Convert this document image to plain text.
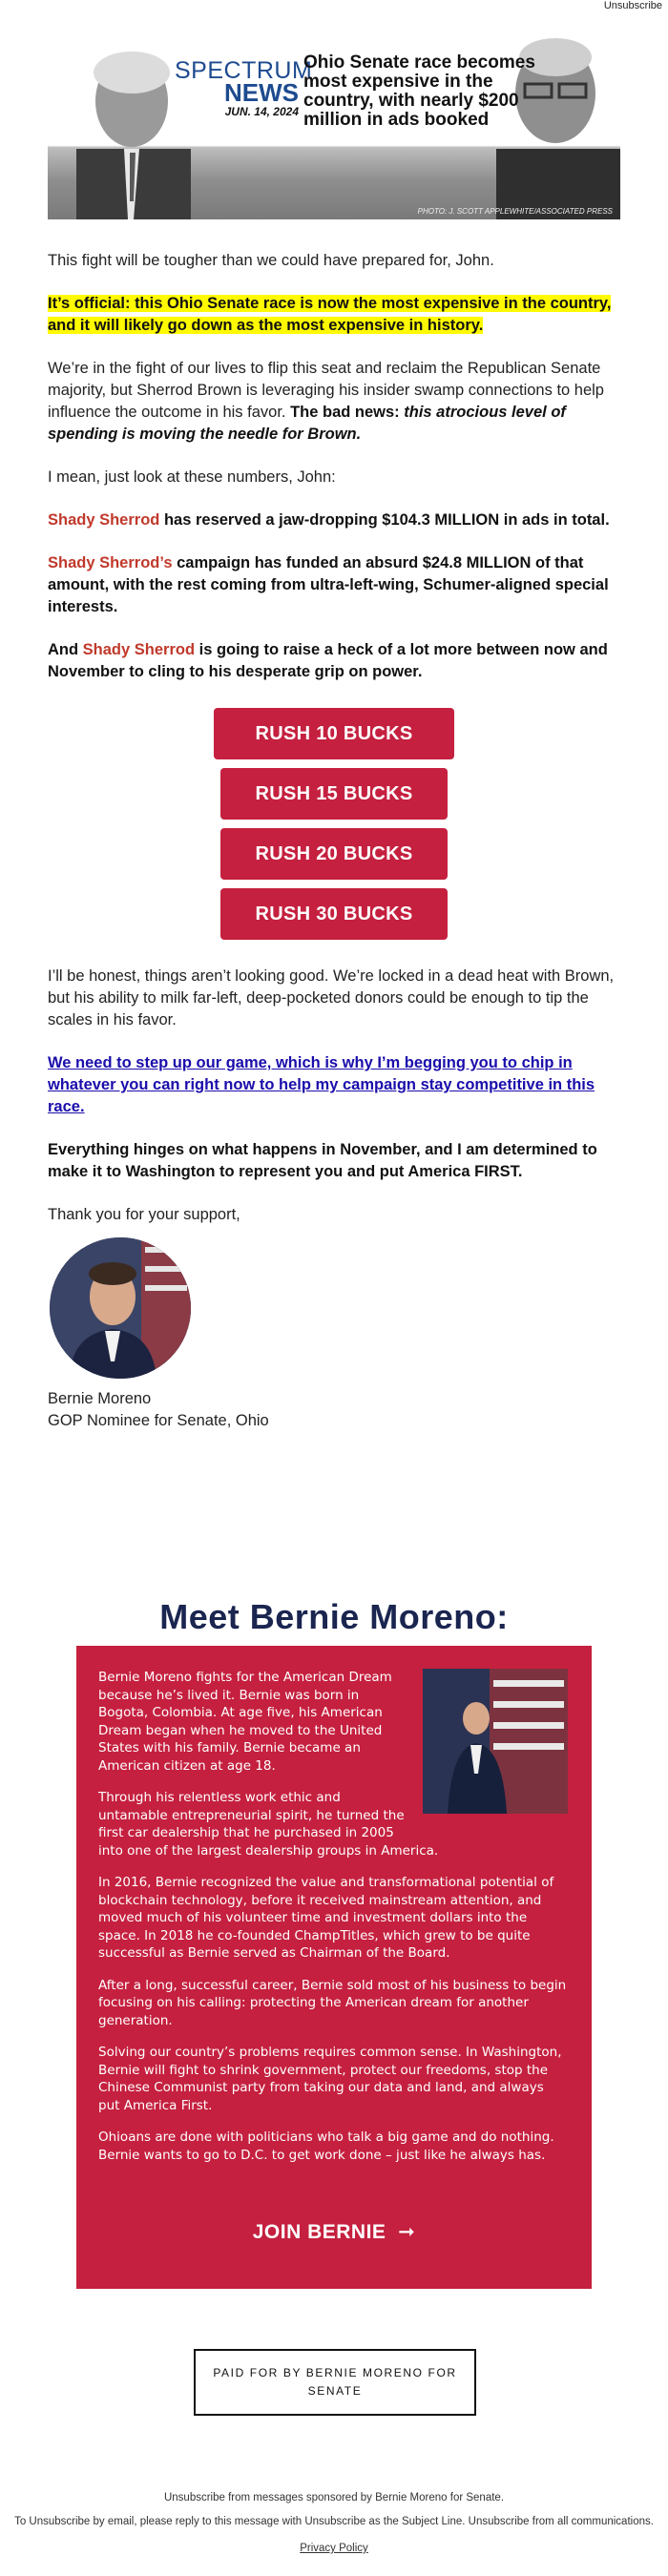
Unsubscribe
SPECTRUM
NEWS
JUN. 14, 2024
Ohio Senate race becomes most expensive in the country, with nearly $200 million in ads booked
PHOTO: J. SCOTT APPLEWHITE/ASSOCIATED PRESS

This fight will be tougher than we could have prepared for, John.

It’s official: this Ohio Senate race is now the most expensive in the country, and it will likely go down as the most expensive in history.

We’re in the fight of our lives to flip this seat and reclaim the Republican Senate majority, but Sherrod Brown is leveraging his insider swamp connections to help influence the outcome in his favor. The bad news: this atrocious level of spending is moving the needle for Brown.

I mean, just look at these numbers, John:

Shady Sherrod has reserved a jaw-dropping $104.3 MILLION in ads in total.

Shady Sherrod’s campaign has funded an absurd $24.8 MILLION of that amount, with the rest coming from ultra-left-wing, Schumer-aligned special interests.

And Shady Sherrod is going to raise a heck of a lot more between now and November to cling to his desperate grip on power.

RUSH 10 BUCKS
RUSH 15 BUCKS
RUSH 20 BUCKS
RUSH 30 BUCKS

I’ll be honest, things aren’t looking good. We’re locked in a dead heat with Brown, but his ability to milk far-left, deep-pocketed donors could be enough to tip the scales in his favor.

We need to step up our game, which is why I’m begging you to chip in whatever you can right now to help my campaign stay competitive in this race.

Everything hinges on what happens in November, and I am determined to make it to Washington to represent you and put America FIRST.

Thank you for your support,

Bernie Moreno
GOP Nominee for Senate, Ohio
Meet Bernie Moreno:

Bernie Moreno fights for the American Dream because he’s lived it. Bernie was born in Bogota, Colombia. At age five, his American Dream began when he moved to the United States with his family. Bernie became an American citizen at age 18.

Through his relentless work ethic and untamable entrepreneurial spirit, he turned the first car dealership that he purchased in 2005 into one of the largest dealership groups in America.

In 2016, Bernie recognized the value and transformational potential of blockchain technology, before it received mainstream attention, and moved much of his volunteer time and investment dollars into the space. In 2018 he co-founded ChampTitles, which grew to be quite successful as Bernie served as Chairman of the Board.

After a long, successful career, Bernie sold most of his business to begin focusing on his calling: protecting the American dream for another generation.

Solving our country’s problems requires common sense. In Washington, Bernie will fight to shrink government, protect our freedoms, stop the Chinese Communist party from taking our data and land, and always put America First.

Ohioans are done with politicians who talk a big game and do nothing. Bernie wants to go to D.C. to get work done – just like he always has.

JOIN BERNIE ➞
PAID FOR BY BERNIE MORENO FOR SENATE
Unsubscribe from messages sponsored by Bernie Moreno for Senate.
To Unsubscribe by email, please reply to this message with Unsubscribe as the Subject Line. Unsubscribe from all communications.
Privacy Policy
